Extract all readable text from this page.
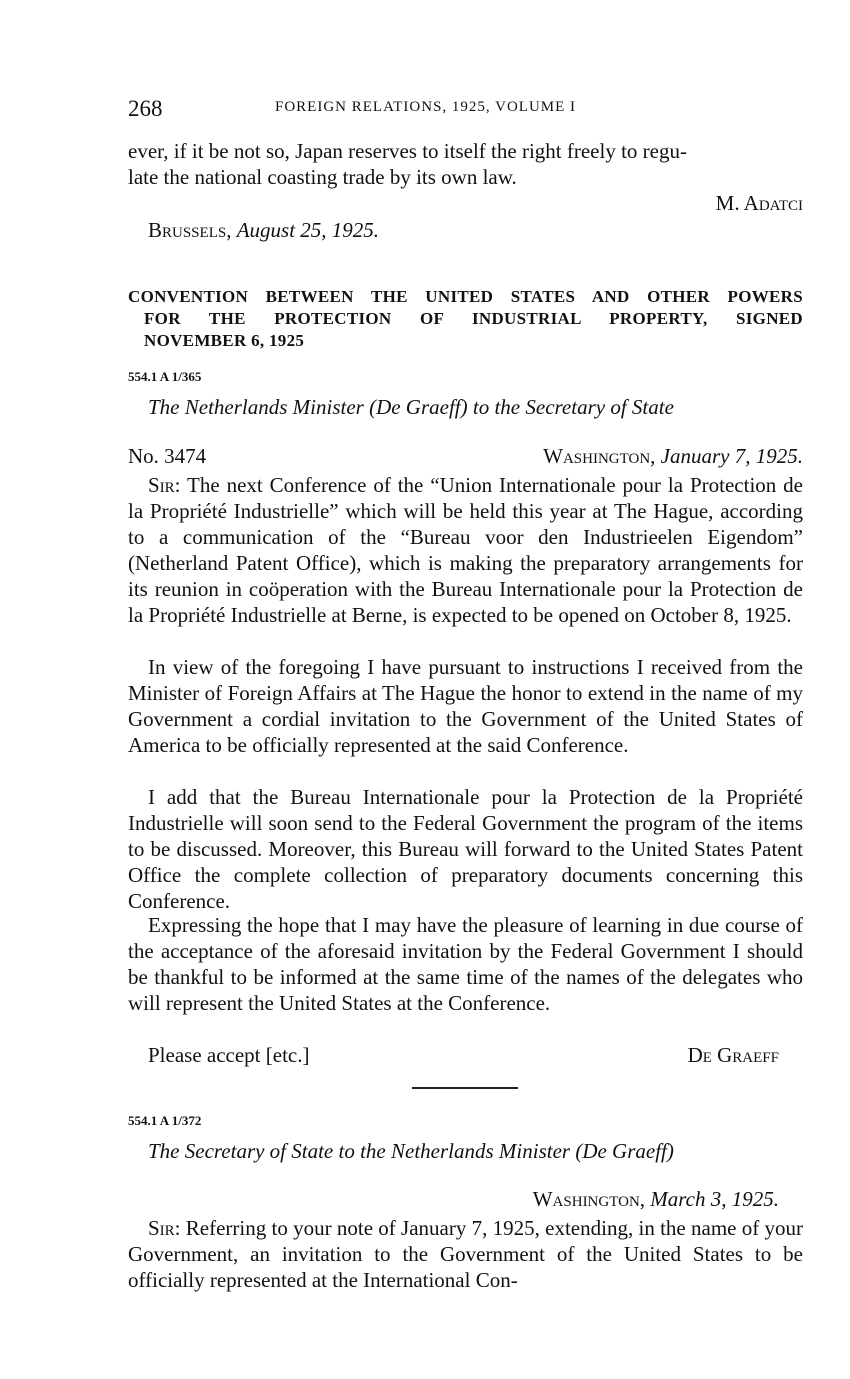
268	FOREIGN RELATIONS, 1925, VOLUME I
ever, if it be not so, Japan reserves to itself the right freely to regu-
late the national coasting trade by its own law.
M. Adatci
Brussels, August 25, 1925.
CONVENTION BETWEEN THE UNITED STATES AND OTHER POWERS
FOR THE PROTECTION OF INDUSTRIAL PROPERTY, SIGNED
NOVEMBER 6, 1925
554.1 A 1/365
The Netherlands Minister (De Graeff) to the Secretary of State
No. 3474	Washington, January 7, 1925.
Sir: The next Conference of the “Union Internationale pour la Protection de la Propriété Industrielle” which will be held this year at The Hague, according to a communication of the “Bureau voor den Industrieelen Eigendom” (Netherland Patent Office), which is making the preparatory arrangements for its reunion in coöperation with the Bureau Internationale pour la Protection de la Propriété Industrielle at Berne, is expected to be opened on October 8, 1925.
In view of the foregoing I have pursuant to instructions I received from the Minister of Foreign Affairs at The Hague the honor to extend in the name of my Government a cordial invitation to the Government of the United States of America to be officially represented at the said Conference.
I add that the Bureau Internationale pour la Protection de la Propriété Industrielle will soon send to the Federal Government the program of the items to be discussed. Moreover, this Bureau will forward to the United States Patent Office the complete collection of preparatory documents concerning this Conference.
Expressing the hope that I may have the pleasure of learning in due course of the acceptance of the aforesaid invitation by the Federal Government I should be thankful to be informed at the same time of the names of the delegates who will represent the United States at the Conference.
Please accept [etc.]	De Graeff
554.1 A 1/372
The Secretary of State to the Netherlands Minister (De Graeff)
Washington, March 3, 1925.
Sir: Referring to your note of January 7, 1925, extending, in the name of your Government, an invitation to the Government of the United States to be officially represented at the International Con-
